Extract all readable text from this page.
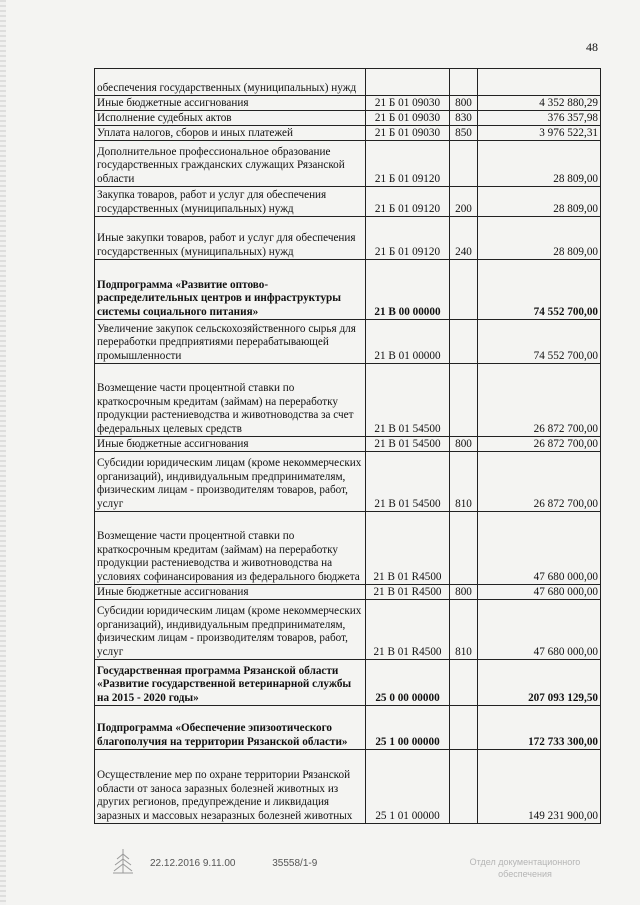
48
обеспечения государственных (муниципальных) нужд			
Иные бюджетные ассигнования	21 Б 01 09030	800	4 352 880,29
Исполнение судебных актов	21 Б 01 09030	830	376 357,98
Уплата налогов, сборов и иных платежей	21 Б 01 09030	850	3 976 522,31
Дополнительное профессиональное образование государственных гражданских служащих Рязанской области	21 Б 01 09120		28 809,00
Закупка товаров, работ и услуг для обеспечения государственных (муниципальных) нужд	21 Б 01 09120	200	28 809,00
Иные закупки товаров, работ и услуг для обеспечения государственных (муниципальных) нужд	21 Б 01 09120	240	28 809,00
Подпрограмма «Развитие оптово-распределительных центров и инфраструктуры системы социального питания»	21 В 00 00000		74 552 700,00
Увеличение закупок сельскохозяйственного сырья для переработки предприятиями перерабатывающей промышленности	21 В 01 00000		74 552 700,00
Возмещение части процентной ставки по краткосрочным кредитам (займам) на переработку продукции растениеводства и животноводства за счет федеральных целевых средств	21 В 01 54500		26 872 700,00
Иные бюджетные ассигнования	21 В 01 54500	800	26 872 700,00
Субсидии юридическим лицам (кроме некоммерческих организаций), индивидуальным предпринимателям, физическим лицам - производителям товаров, работ, услуг	21 В 01 54500	810	26 872 700,00
Возмещение части процентной ставки по краткосрочным кредитам (займам) на переработку продукции растениеводства и животноводства на условиях софинансирования из федерального бюджета	21 В 01 R4500		47 680 000,00
Иные бюджетные ассигнования	21 В 01 R4500	800	47 680 000,00
Субсидии юридическим лицам (кроме некоммерческих организаций), индивидуальным предпринимателям, физическим лицам - производителям товаров, работ, услуг	21 В 01 R4500	810	47 680 000,00
Государственная программа Рязанской области «Развитие государственной ветеринарной службы на 2015 - 2020 годы»	25 0 00 00000		207 093 129,50
Подпрограмма «Обеспечение эпизоотического благополучия на территории Рязанской области»	25 1 00 00000		172 733 300,00
Осуществление мер по охране территории Рязанской области от заноса заразных болезней животных из других регионов, предупреждение и ликвидация заразных и массовых незаразных болезней животных	25 1 01 00000		149 231 900,00
22.12.2016 9.11.00	35558/1-9	Отдел документационного обеспечения
